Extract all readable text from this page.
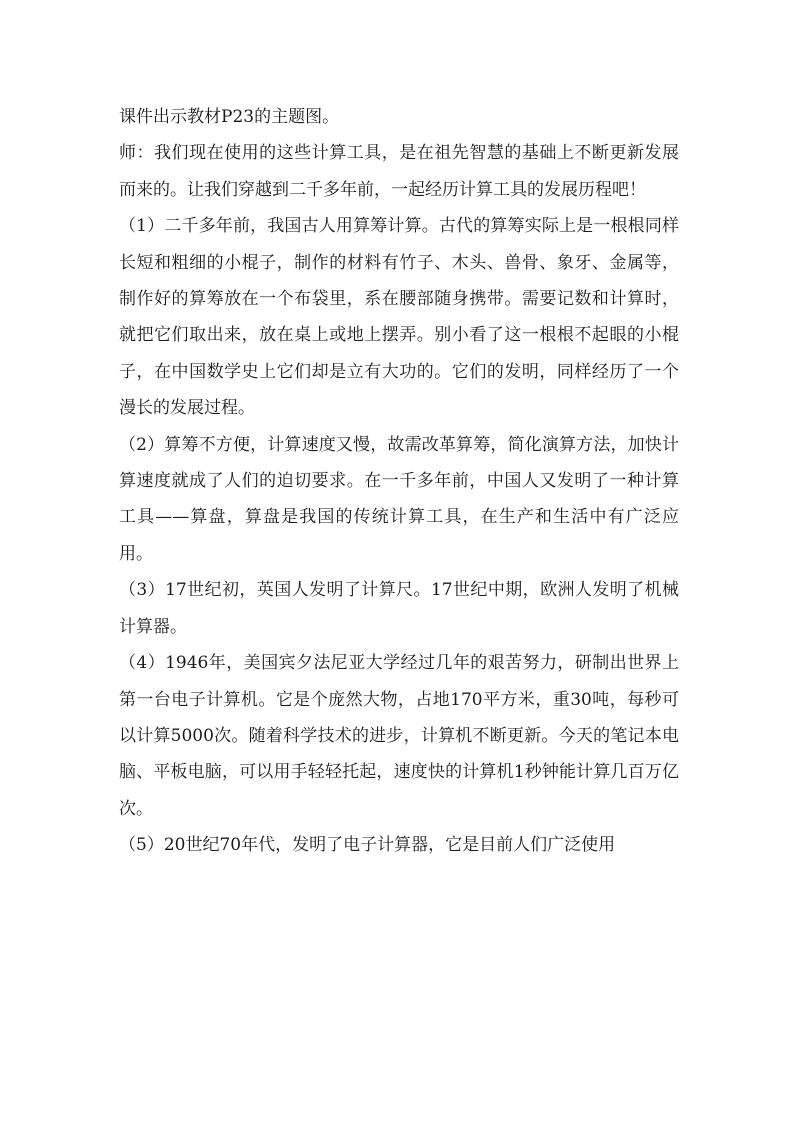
课件出示教材P23的主题图。

师：我们现在使用的这些计算工具，是在祖先智慧的基础上不断更新发展而来的。让我们穿越到二千多年前，一起经历计算工具的发展历程吧！

（1）二千多年前，我国古人用算筹计算。古代的算筹实际上是一根根同样长短和粗细的小棍子，制作的材料有竹子、木头、兽骨、象牙、金属等，制作好的算筹放在一个布袋里，系在腰部随身携带。需要记数和计算时，就把它们取出来，放在桌上或地上摆弄。别小看了这一根根不起眼的小棍子，在中国数学史上它们却是立有大功的。它们的发明，同样经历了一个漫长的发展过程。

（2）算筹不方便，计算速度又慢，故需改革算筹，简化演算方法，加快计算速度就成了人们的迫切要求。在一千多年前，中国人又发明了一种计算工具——算盘，算盘是我国的传统计算工具，在生产和生活中有广泛应用。

（3）17世纪初，英国人发明了计算尺。17世纪中期，欧洲人发明了机械计算器。

（4）1946年，美国宾夕法尼亚大学经过几年的艰苦努力，研制出世界上第一台电子计算机。它是个庞然大物，占地170平方米，重30吨，每秒可以计算5000次。随着科学技术的进步，计算机不断更新。今天的笔记本电脑、平板电脑，可以用手轻轻托起，速度快的计算机1秒钟能计算几百万亿次。

（5）20世纪70年代，发明了电子计算器，它是目前人们广泛使用
